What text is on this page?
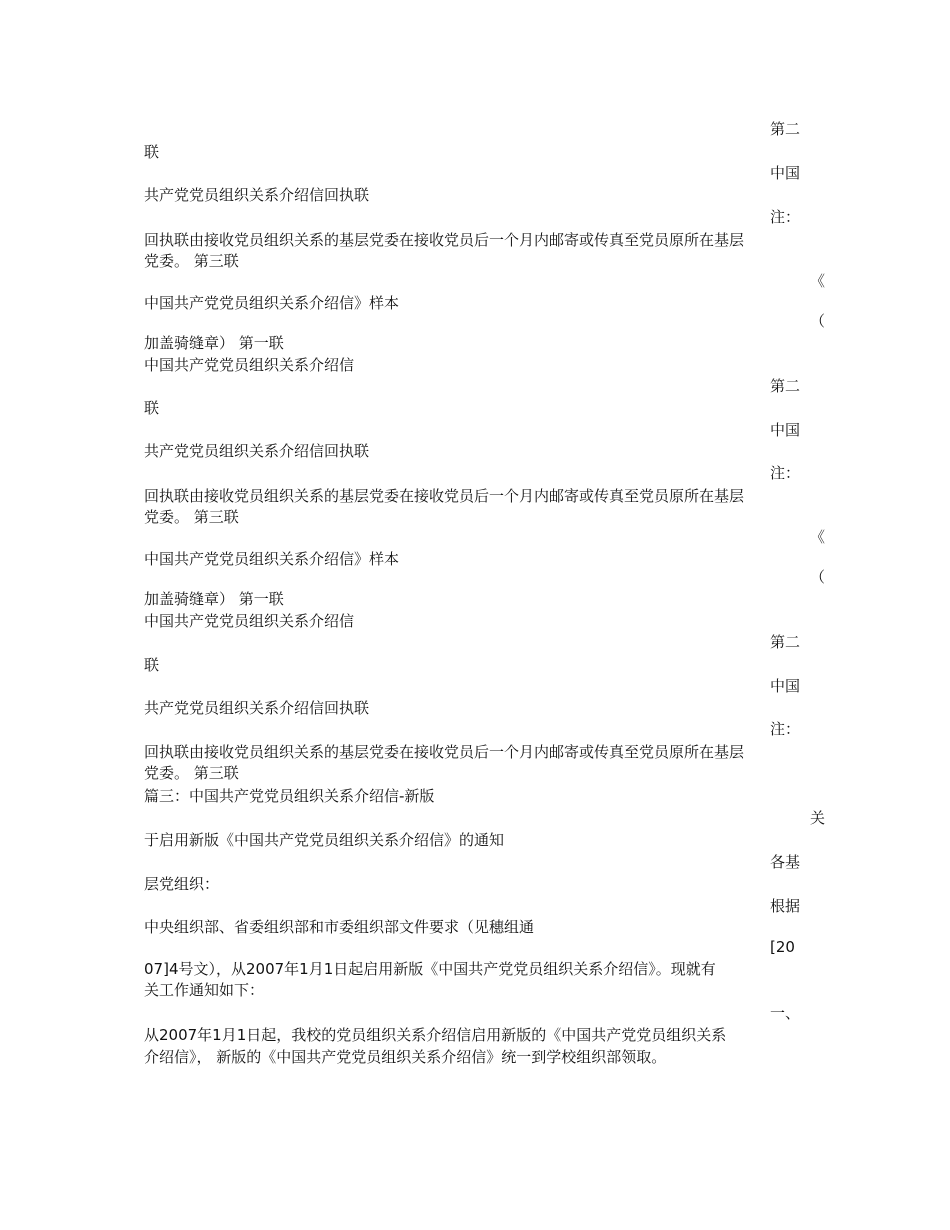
第二
联
中国
共产党党员组织关系介绍信回执联
注：
回执联由接收党员组织关系的基层党委在接收党员后一个月内邮寄或传真至党员原所在基层
党委。 第三联
《
中国共产党党员组织关系介绍信》样本
（
加盖骑缝章） 第一联
中国共产党党员组织关系介绍信
第二
联
中国
共产党党员组织关系介绍信回执联
注：
回执联由接收党员组织关系的基层党委在接收党员后一个月内邮寄或传真至党员原所在基层
党委。 第三联
《
中国共产党党员组织关系介绍信》样本
（
加盖骑缝章） 第一联
中国共产党党员组织关系介绍信
第二
联
中国
共产党党员组织关系介绍信回执联
注：
回执联由接收党员组织关系的基层党委在接收党员后一个月内邮寄或传真至党员原所在基层
党委。 第三联
篇三：中国共产党党员组织关系介绍信-新版
关
于启用新版《中国共产党党员组织关系介绍信》的通知
各基
层党组织：
根据
中央组织部、省委组织部和市委组织部文件要求（见穗组通
[20
07]4号文），从2007年1月1日起启用新版《中国共产党党员组织关系介绍信》。现就有
关工作通知如下：
一、
从2007年1月1日起，我校的党员组织关系介绍信启用新版的《中国共产党党员组织关系
介绍信》， 新版的《中国共产党党员组织关系介绍信》统一到学校组织部领取。
